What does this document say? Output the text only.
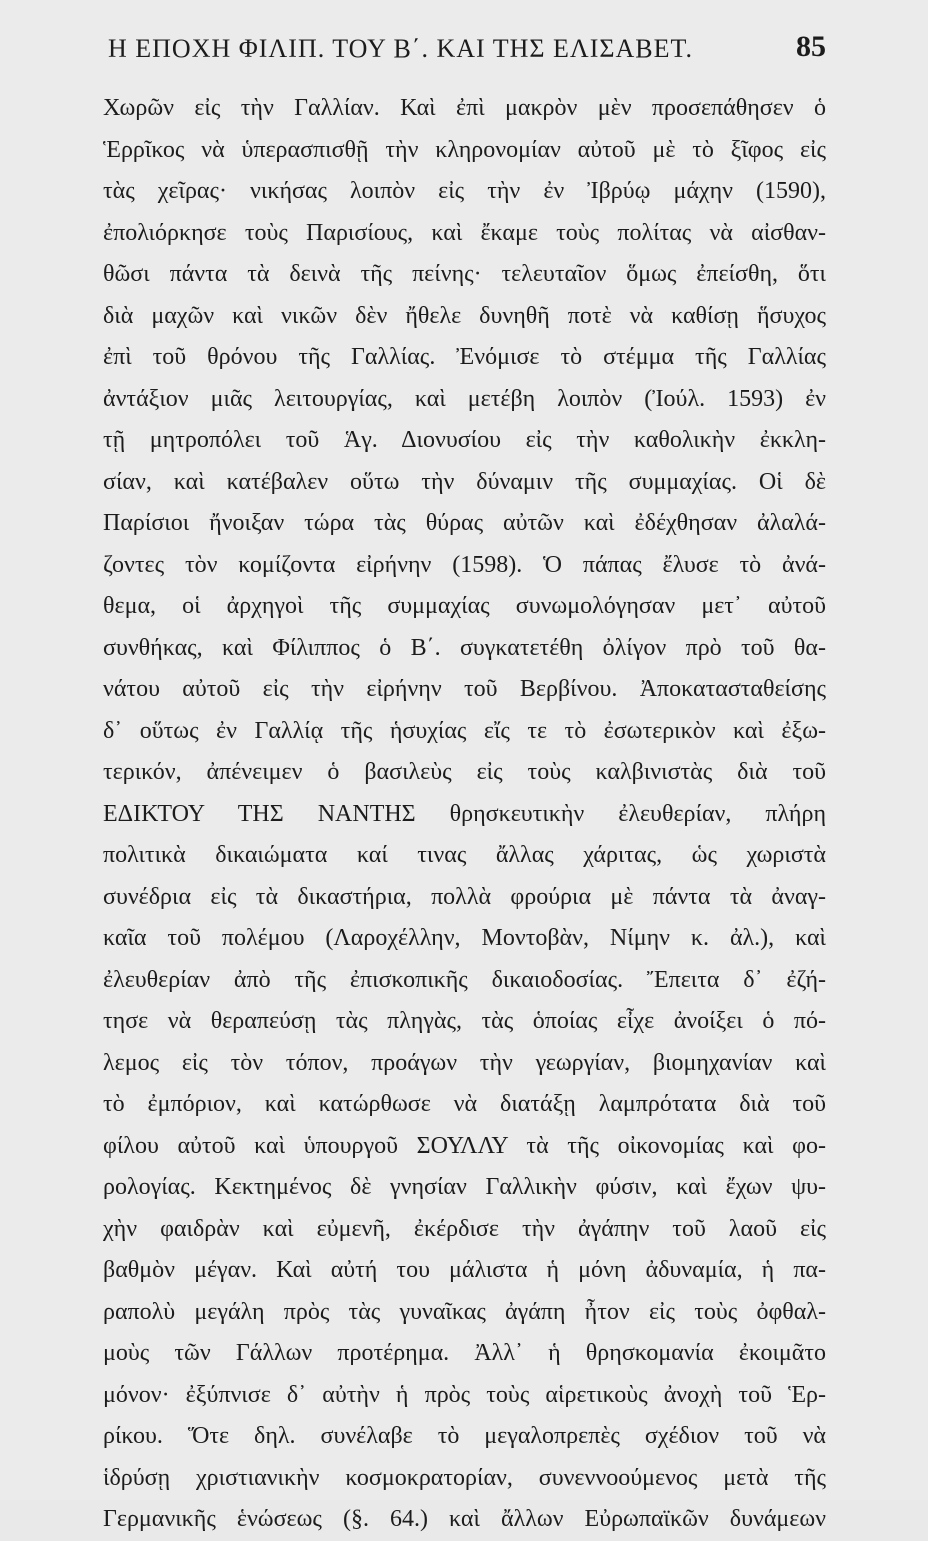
Η ΕΠΟΧΗ ΦΙΛΙΠ. ΤΟΥ Β΄. ΚΑΙ ΤΗΣ ΕΛΙΣΑΒΕΤ.	85
Χωρῶν εἰς τὴν Γαλλίαν. Καὶ ἐπὶ μακρὸν μὲν προσεπάθησεν ὁ
Ἑρρῖκος νὰ ὑπερασπισθῇ τὴν κληρονομίαν αὐτοῦ μὲ τὸ ξῖφος εἰς
τὰς χεῖρας· νικήσας λοιπὸν εἰς τὴν ἐν Ἰβρύῳ μάχην (1590),
ἐπολιόρκησε τοὺς Παρισίους, καὶ ἔκαμε τοὺς πολίτας νὰ αἰσθαν-
θῶσι πάντα τὰ δεινὰ τῆς πείνης· τελευταῖον ὅμως ἐπείσθη, ὅτι
διὰ μαχῶν καὶ νικῶν δὲν ἤθελε δυνηθῆ ποτὲ νὰ καθίσῃ ἥσυχος
ἐπὶ τοῦ θρόνου τῆς Γαλλίας. Ἐνόμισε τὸ στέμμα τῆς Γαλλίας
ἀντάξιον μιᾶς λειτουργίας, καὶ μετέβη λοιπὸν (Ἰούλ. 1593) ἐν
τῇ μητροπόλει τοῦ Ἁγ. Διονυσίου εἰς τὴν καθολικὴν ἐκκλη-
σίαν, καὶ κατέβαλεν οὕτω τὴν δύναμιν τῆς συμμαχίας. Οἱ δὲ
Παρίσιοι ἤνοιξαν τώρα τὰς θύρας αὐτῶν καὶ ἐδέχθησαν ἀλαλά-
ζοντες τὸν κομίζοντα εἰρήνην (1598). Ὁ πάπας ἔλυσε τὸ ἀνά-
θεμα, οἱ ἀρχηγοὶ τῆς συμμαχίας συνωμολόγησαν μετ᾽ αὐτοῦ
συνθήκας, καὶ Φίλιππος ὁ Β΄. συγκατετέθη ὀλίγον πρὸ τοῦ θα-
νάτου αὐτοῦ εἰς τὴν εἰρήνην τοῦ Βερβίνου. Ἀποκατασταθείσης
δ᾽ οὕτως ἐν Γαλλίᾳ τῆς ἡσυχίας εἴς τε τὸ ἐσωτερικὸν καὶ ἐξω-
τερικόν, ἀπένειμεν ὁ βασιλεὺς εἰς τοὺς καλβινιστὰς διὰ τοῦ
ΕΔΙΚΤΟΥ ΤΗΣ ΝΑΝΤΗΣ θρησκευτικὴν ἐλευθερίαν, πλήρη
πολιτικὰ δικαιώματα καί τινας ἄλλας χάριτας, ὡς χωριστὰ
συνέδρια εἰς τὰ δικαστήρια, πολλὰ φρούρια μὲ πάντα τὰ ἀναγ-
καῖα τοῦ πολέμου (Λαροχέλλην, Μοντοβὰν, Νίμην κ. ἀλ.), καὶ
ἐλευθερίαν ἀπὸ τῆς ἐπισκοπικῆς δικαιοδοσίας. Ἔπειτα δ᾽ ἐζή-
τησε νὰ θεραπεύσῃ τὰς πληγὰς, τὰς ὁποίας εἶχε ἀνοίξει ὁ πό-
λεμος εἰς τὸν τόπον, προάγων τὴν γεωργίαν, βιομηχανίαν καὶ
τὸ ἐμπόριον, καὶ κατώρθωσε νὰ διατάξῃ λαμπρότατα διὰ τοῦ
φίλου αὐτοῦ καὶ ὑπουργοῦ ΣΟΥΛΛΥ τὰ τῆς οἰκονομίας καὶ φο-
ρολογίας. Κεκτημένος δὲ γνησίαν Γαλλικὴν φύσιν, καὶ ἔχων ψυ-
χὴν φαιδρὰν καὶ εὐμενῆ, ἐκέρδισε τὴν ἀγάπην τοῦ λαοῦ εἰς
βαθμὸν μέγαν. Καὶ αὐτή του μάλιστα ἡ μόνη ἀδυναμία, ἡ πα-
ραπολὺ μεγάλη πρὸς τὰς γυναῖκας ἀγάπη ἦτον εἰς τοὺς ὀφθαλ-
μοὺς τῶν Γάλλων προτέρημα. Ἀλλ᾽ ἡ θρησκομανία ἐκοιμᾶτο
μόνον· ἐξύπνισε δ᾽ αὐτὴν ἡ πρὸς τοὺς αἱρετικοὺς ἀνοχὴ τοῦ Ἑρ-
ρίκου. Ὅτε δηλ. συνέλαβε τὸ μεγαλοπρεπὲς σχέδιον τοῦ νὰ
ἱδρύσῃ χριστιανικὴν κοσμοκρατορίαν, συνεννοούμενος μετὰ τῆς
Γερμανικῆς ἑνώσεως (§. 64.) καὶ ἄλλων Εὐρωπαϊκῶν δυνάμεων
